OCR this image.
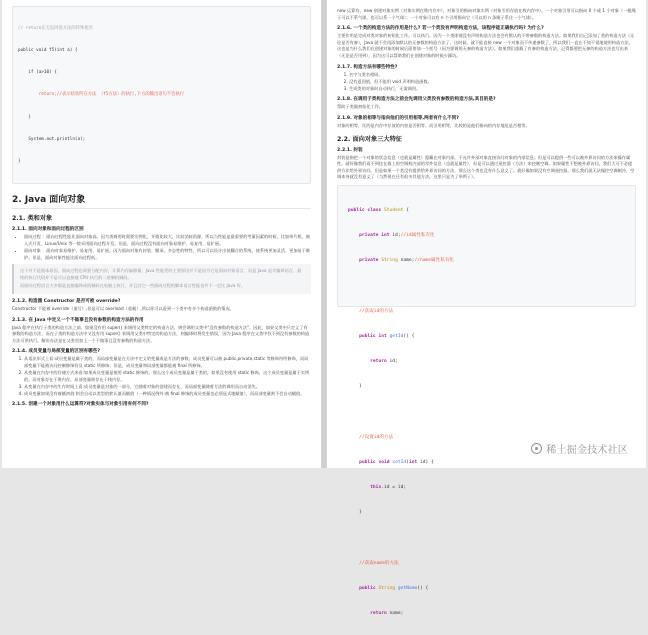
// return在无返回值方法的特殊使用

public void f5(int a) {

if (a>10) {

return;//表示结束所在方法 （f5方法）的执行,下方的输出语句不会执行

}

System.out.println(a);

}

2. Java 面向对象
2.1. 类和对象
2.1.1. 面向对象和面向过程的区别
• 面向过程 ：面向过程性能比面向对象高。因为类调用时需要实例化，开销比较大，比较消耗资源，所以当性能是最重要的考量因素的时候，比如单片机、嵌入式开发、Linux/Unix 等一般采用面向过程开发。但是，面向过程没有面向对象易维护、易复用、易扩展。
• 面向对象 ：面向对象易维护、易复用、易扩展。因为面向对象有封装、继承、多态性的特性，所以可以设计出低耦合的系统，使系统更加灵活、更加易于维护。但是，面向对象性能比面向过程低。

这个并不是根本原因，面向过程也需要分配内存，计算内存偏移量，Java 性能差的主要原因并不是因为它是面向对象语言，而是 Java 是半编译语言，最终的执行代码并不是可以直接被 CPU 执行的二进制机械码。

而面向过程语言大多都是直接编译成机械码在电脑上执行，并且其它一些面向过程的脚本语言性能也并不一定比 Java 好。

2.1.2. 构造器 Constructor 是否可被 override?

Constructor 不能被 override（重写）,但是可以 overload（重载）,所以你可以看到一个类中有多个构造函数的情况。

2.1.3. 在 Java 中定义一个不做事且没有参数的构造方法的作用

Java 程序在执行子类的构造方法之前，如果没有用 super() 来调用父类特定的构造方法，则会调用父类中"没有参数的构造方法"。因此，如果父类中只定义了有参数的构造方法，而在子类的构造方法中又没有用 super() 来调用父类中特定的构造方法，则编译时将发生错误，因为 Java 程序在父类中找不到没有参数的构造方法可供执行。解决办法是在父类里加上一个不做事且没有参数的构造方法。

2.1.4. 成员变量与局部变量的区别有哪些?
1. 从语法形式上看:成员变量是属于类的，而局部变量是在方法中定义的变量或是方法的参数；成员变量可以被 public,private,static 等修饰符所修饰，而局部变量不能被访问控制修饰符及 static 所修饰；但是，成员变量和局部变量都能被 final 所修饰。
2. 从变量在内存中的存储方式来看:如果成员变量是使用 static 修饰的，那么这个成员变量是属于类的，如果没有使用 static 修饰，这个成员变量是属于实例的。而对象存在于堆内存，局部变量则存在于栈内存。
3. 从变量在内存中的生存时间上看:成员变量是对象的一部分，它随着对象的创建而存在，而局部变量随着方法的调用而自动消失。
4. 成员变量如果没有被赋初值:则会自动以类型的默认值而赋值（一种情况例外:被 final 修饰的成员变量也必须显式地赋值），而局部变量则不会自动赋值。
2.1.5. 创建一个对象用什么运算符?对象实体与对象引用有何不同?

new 运算符，new 创建对象实例（对象实例在堆内存中），对象引用指向对象实例（对象引用存放在栈内存中）。一个对象引用可以指向 0 个或 1 个对象（一根绳子可以不系气球，也可以系一个气球）；一个对象可以有 n 个引用指向它（可以用 n 条绳子系住一个气球）。

2.1.6. 一个类的构造方法的作用是什么? 若一个类没有声明构造方法，该程序能正确执行吗? 为什么?

主要作用是完成对类对象的初始化工作。可以执行。因为一个类即使没有声明构造方法也会有默认的不带参数的构造方法。如果我们自己添加了类的构造方法（无论是否有参），Java 就不会再添加默认的无参数的构造方法了，这时候，就不能直接 new 一个对象而不传递参数了，所以我们一直在不知不觉地使用构造方法，这也是为什么我们在创建对象的时候后面要加一个括号（因为要调用无参的构造方法）。如果我们重载了有参的构造方法，记得都要把无参的构造方法也写出来（无论是否用到），因为这可以帮助我们在创建对象的时候少踩坑。

2.1.7. 构造方法有哪些特性?
1. 名字与类名相同。
2. 没有返回值，但不能用 void 声明构造函数。
3. 生成类的对象时自动执行，无需调用。
2.1.8. 在调用子类构造方法之前会先调用父类没有参数的构造方法,其目的是?

帮助子类做初始化工作。

2.1.9. 对象的相等与指向他们的引用相等,两者有什么不同?

对象的相等，比的是内存中存放的内容是否相等。而引用相等，比较的是他们指向的内存地址是否相等。

2.2. 面向对象三大特征
2.2.1. 封装

封装是指把一个对象的状态信息（也就是属性）隐藏在对象内部，不允许外部对象直接访问对象的内部信息。但是可以提供一些可以被外界访问的方法来操作属性。就好像我们看不到挂在墙上的空调机内部的零件信息（也就是属性），但是可以通过遥控器（方法）来控制空调。如果属性不想被外界访问，我们大可不必提供方法给外界访问。但是如果一个类没有提供给外界访问的方法，那么这个类也没有什么意义了。就好像如果没有空调遥控器，那么我们就无法操控空调制冷，空调本身就没有意义了（当然现在还有很多其他方法，这里只是为了举例子）。

public class Student {

private int id;//id属性私有化

private String name;//name属性私有化

//获取id的方法

public int getId() {

return id;

}

//设置id的方法

public void setId(int id) {

this.id = id;

}

//获取name的方法

public String getName() {

return name;

稀土掘金技术社区
